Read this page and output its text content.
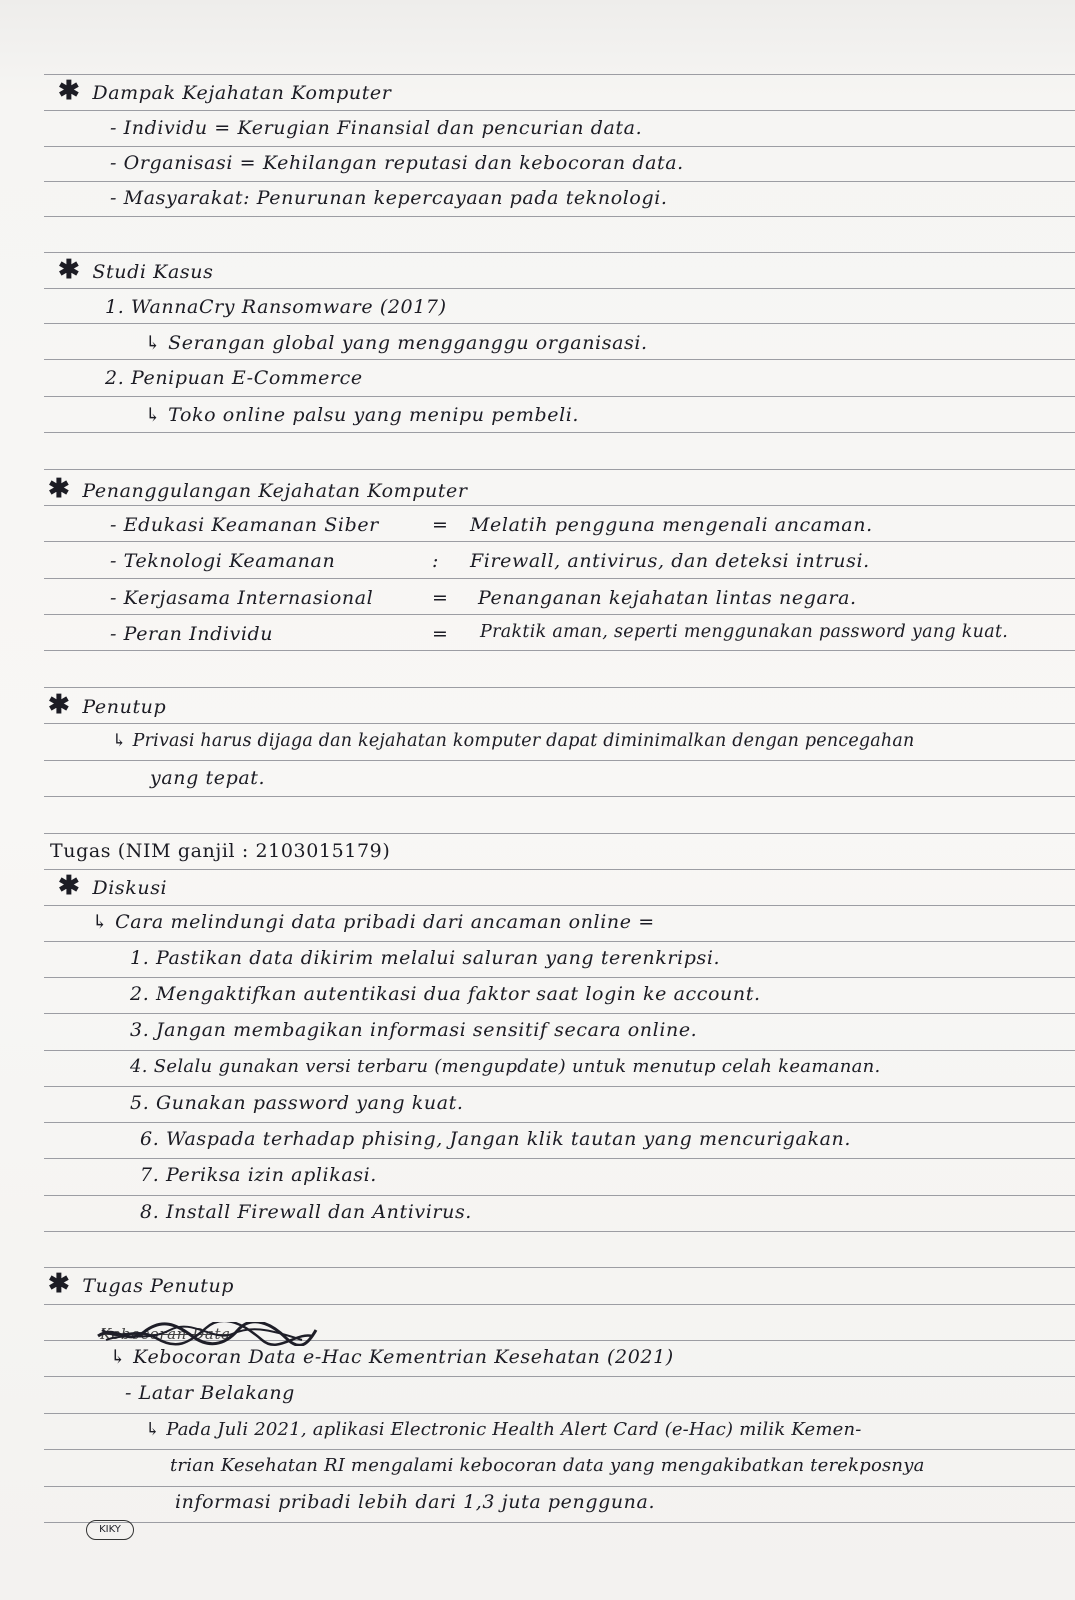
✱ Dampak Kejahatan Komputer
- Individu = Kerugian Finansial dan pencurian data.
- Organisasi = Kehilangan reputasi dan kebocoran data.
- Masyarakat: Penurunan kepercayaan pada teknologi.
✱ Studi Kasus
1. WannaCry Ransomware (2017)
↳ Serangan global yang mengganggu organisasi.
2. Penipuan E-Commerce
↳ Toko online palsu yang menipu pembeli.
✱ Penanggulangan Kejahatan Komputer
- Edukasi Keamanan Siber	= Melatih pengguna mengenali ancaman.
- Teknologi Keamanan	: Firewall, antivirus, dan deteksi intrusi.
- Kerjasama Internasional	= Penanganan kejahatan lintas negara.
- Peran Individu	= Praktik aman, seperti menggunakan password yang kuat.
✱ Penutup
↳ Privasi harus dijaga dan kejahatan komputer dapat diminimalkan dengan pencegahan
yang tepat.
Tugas (NIM ganjil : 2103015179)
✱ Diskusi
↳ Cara melindungi data pribadi dari ancaman online =
1. Pastikan data dikirim melalui saluran yang terenkripsi.
2. Mengaktifkan autentikasi dua faktor saat login ke account.
3. Jangan membagikan informasi sensitif secara online.
4. Selalu gunakan versi terbaru (mengupdate) untuk menutup celah keamanan.
5. Gunakan password yang kuat.
6. Waspada terhadap phising, Jangan klik tautan yang mencurigakan.
7. Periksa izin aplikasi.
8. Install Firewall dan Antivirus.
✱ Tugas Penutup
Kebocoran Data
↳ Kebocoran Data e-Hac Kementrian Kesehatan (2021)
- Latar Belakang
↳ Pada Juli 2021, aplikasi Electronic Health Alert Card (e-Hac) milik Kemen-
trian Kesehatan RI mengalami kebocoran data yang mengakibatkan terekposnya
informasi pribadi lebih dari 1,3 juta pengguna.
KIKY
